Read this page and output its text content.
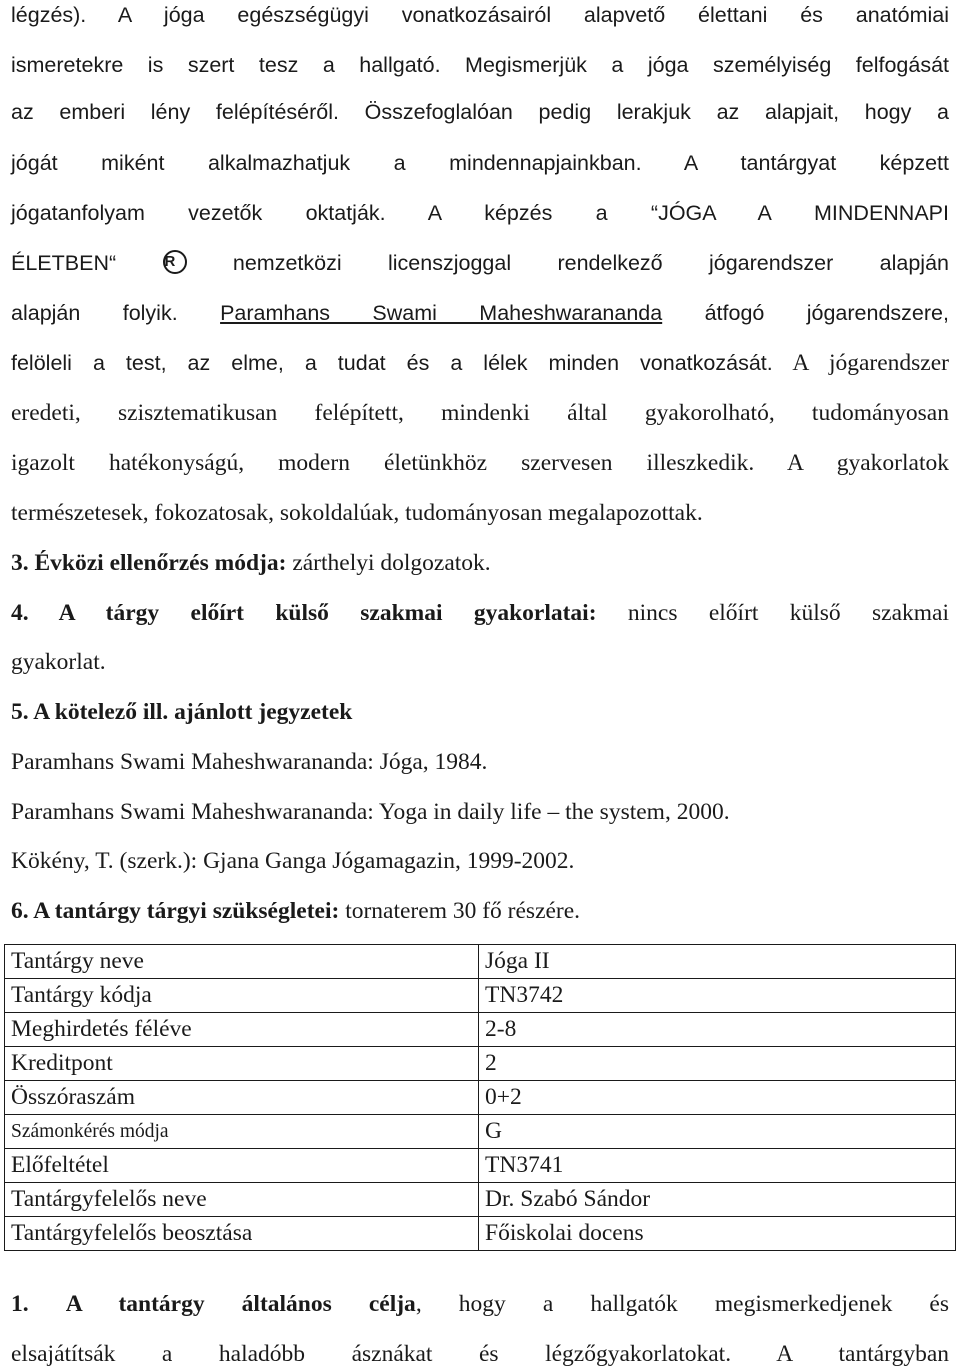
légzés). A jóga egészségügyi vonatkozásairól alapvető élettani és anatómiai
ismeretekre is szert tesz a hallgató. Megismerjük a jóga személyiség felfogását
az emberi lény felépítéséről. Összefoglalóan pedig lerakjuk az alapjait, hogy a
jógát miként alkalmazhatjuk a mindennapjainkban. A tantárgyat képzett
jógatanfolyam vezetők oktatják. A képzés a “JÓGA A MINDENNAPI
ÉLETBEN“	R	nemzetközi licenszjoggal rendelkező jógarendszer alapján
alapján folyik. Paramhans Swami Maheshwarananda átfogó jógarendszere,
felöleli a test, az elme, a tudat és a lélek minden vonatkozását. A jógarendszer
eredeti, szisztematikusan felépített, mindenki által gyakorolható, tudományosan
igazolt hatékonyságú, modern életünkhöz szervesen illeszkedik. A gyakorlatok
természetesek, fokozatosak, sokoldalúak, tudományosan megalapozottak.
3. Évközi ellenőrzés módja: zárthelyi dolgozatok.
4. A tárgy előírt külső szakmai gyakorlatai: nincs előírt külső szakmai
gyakorlat.
5. A kötelező ill. ajánlott jegyzetek
Paramhans Swami Maheshwarananda: Jóga, 1984.
Paramhans Swami Maheshwarananda: Yoga in daily life – the system, 2000.
Kökény, T. (szerk.): Gjana Ganga Jógamagazin, 1999-2002.
6. A tantárgy tárgyi szükségletei: tornaterem 30 fő részére.
1. A tantárgy általános célja, hogy a hallgatók megismerkedjenek és
elsajátítsák a haladóbb ásznákat és légzőgyakorlatokat. A tantárgyban
Tantárgy neve	Jóga II
Tantárgy kódja	TN3742
Meghirdetés féléve	2-8
Kreditpont	2
Összóraszám	0+2
Számonkérés módja	G
Előfeltétel	TN3741
Tantárgyfelelős neve	Dr. Szabó Sándor
Tantárgyfelelős beosztása	Főiskolai docens
